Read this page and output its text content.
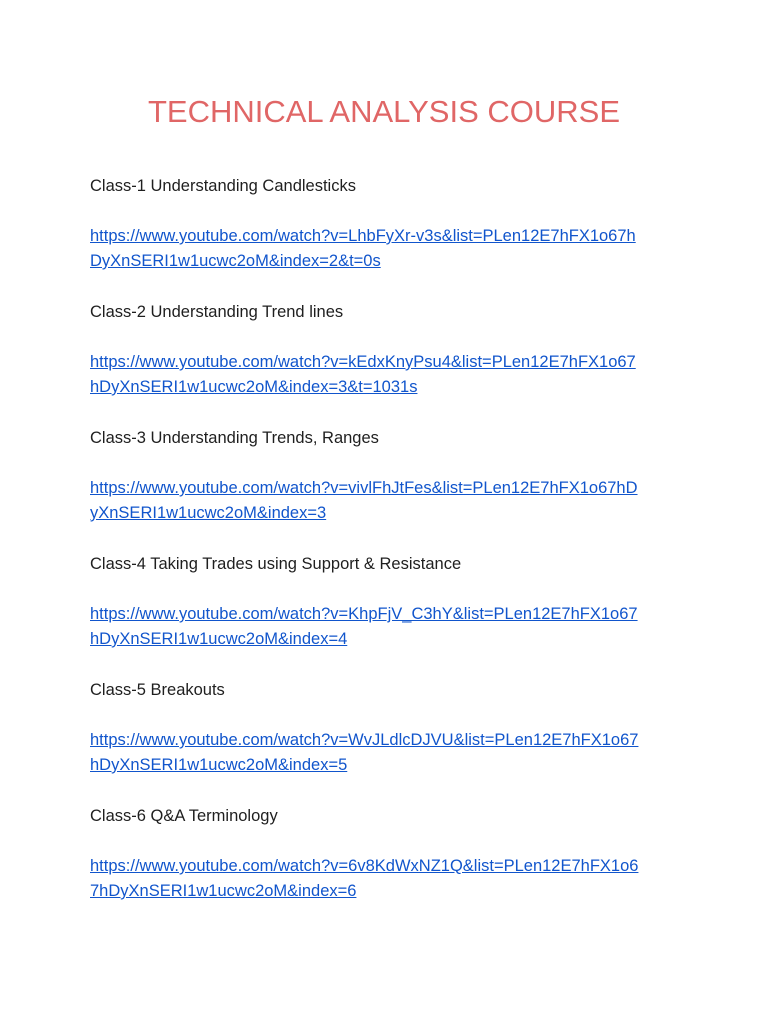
TECHNICAL ANALYSIS COURSE
Class-1 Understanding Candlesticks
https://www.youtube.com/watch?v=LhbFyXr-v3s&list=PLen12E7hFX1o67h
DyXnSERI1w1ucwc2oM&index=2&t=0s
Class-2 Understanding Trend lines
https://www.youtube.com/watch?v=kEdxKnyPsu4&list=PLen12E7hFX1o67
hDyXnSERI1w1ucwc2oM&index=3&t=1031s
Class-3 Understanding Trends, Ranges
https://www.youtube.com/watch?v=vivlFhJtFes&list=PLen12E7hFX1o67hD
yXnSERI1w1ucwc2oM&index=3
Class-4 Taking Trades using Support & Resistance
https://www.youtube.com/watch?v=KhpFjV_C3hY&list=PLen12E7hFX1o67
hDyXnSERI1w1ucwc2oM&index=4
Class-5 Breakouts
https://www.youtube.com/watch?v=WvJLdlcDJVU&list=PLen12E7hFX1o67
hDyXnSERI1w1ucwc2oM&index=5
Class-6 Q&A Terminology
https://www.youtube.com/watch?v=6v8KdWxNZ1Q&list=PLen12E7hFX1o6
7hDyXnSERI1w1ucwc2oM&index=6
